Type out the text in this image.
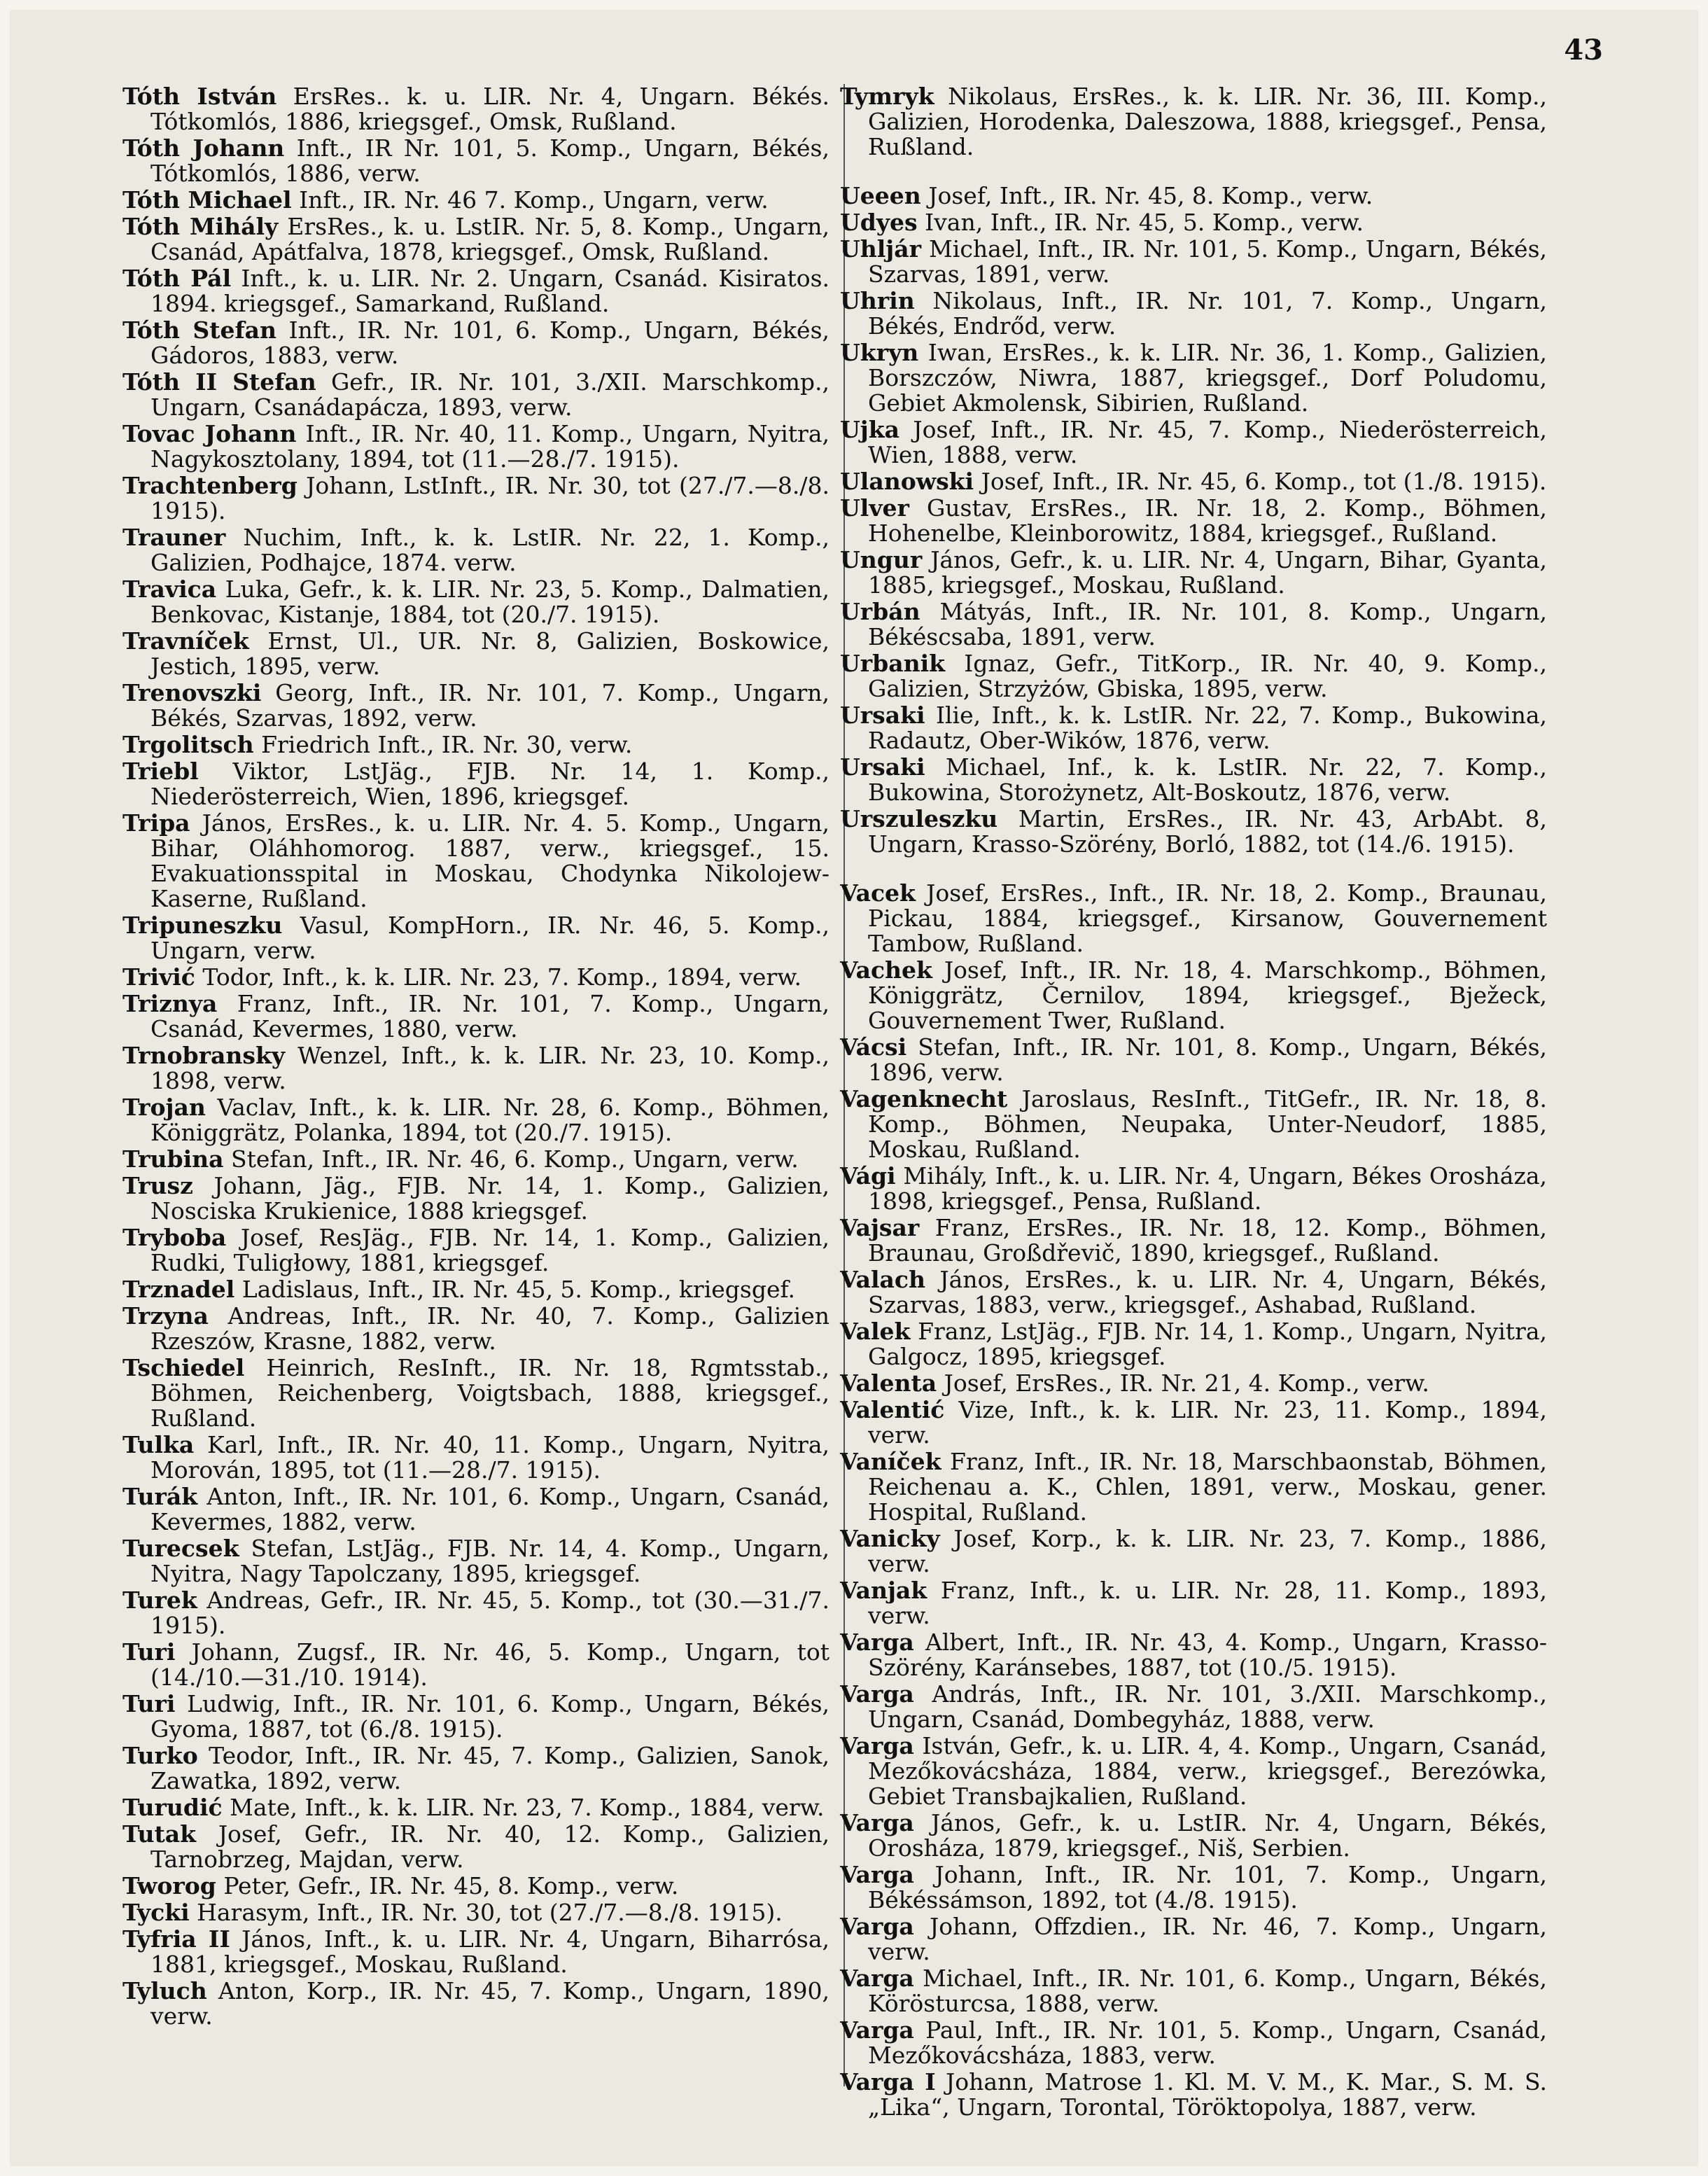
43

Tóth István ErsRes.. k. u. LIR. Nr. 4, Ungarn. Békés. Tótkomlós, 1886, kriegsgef., Omsk, Rußland.

Tóth Johann Inft., IR Nr. 101, 5. Komp., Ungarn, Békés, Tótkomlós, 1886, verw.

Tóth Michael Inft., IR. Nr. 46 7. Komp., Ungarn, verw.

Tóth Mihály ErsRes., k. u. LstIR. Nr. 5, 8. Komp., Ungarn, Csanád, Apátfalva, 1878, kriegsgef., Omsk, Rußland.

Tóth Pál Inft., k. u. LIR. Nr. 2. Ungarn, Csanád. Kisiratos. 1894. kriegsgef., Samarkand, Rußland.

Tóth Stefan Inft., IR. Nr. 101, 6. Komp., Ungarn, Békés, Gádoros, 1883, verw.

Tóth II Stefan Gefr., IR. Nr. 101, 3./XII. Marschkomp., Ungarn, Csanádapácza, 1893, verw.

Tovac Johann Inft., IR. Nr. 40, 11. Komp., Ungarn, Nyitra, Nagykosztolany, 1894, tot (11.—28./7. 1915).

Trachtenberg Johann, LstInft., IR. Nr. 30, tot (27./7.—8./8. 1915).

Trauner Nuchim, Inft., k. k. LstIR. Nr. 22, 1. Komp., Galizien, Podhajce, 1874. verw.

Travica Luka, Gefr., k. k. LIR. Nr. 23, 5. Komp., Dalmatien, Benkovac, Kistanje, 1884, tot (20./7. 1915).

Travníček Ernst, Ul., UR. Nr. 8, Galizien, Boskowice, Jestich, 1895, verw.

Trenovszki Georg, Inft., IR. Nr. 101, 7. Komp., Ungarn, Békés, Szarvas, 1892, verw.

Trgolitsch Friedrich Inft., IR. Nr. 30, verw.

Triebl Viktor, LstJäg., FJB. Nr. 14, 1. Komp., Niederösterreich, Wien, 1896, kriegsgef.

Tripa János, ErsRes., k. u. LIR. Nr. 4. 5. Komp., Ungarn, Bihar, Oláhhomorog. 1887, verw., kriegsgef., 15. Evakuationsspital in Moskau, Chodynka Nikolojew-Kaserne, Rußland.

Tripuneszku Vasul, KompHorn., IR. Nr. 46, 5. Komp., Ungarn, verw.

Trivić Todor, Inft., k. k. LIR. Nr. 23, 7. Komp., 1894, verw.

Triznya Franz, Inft., IR. Nr. 101, 7. Komp., Ungarn, Csanád, Kevermes, 1880, verw.

Trnobransky Wenzel, Inft., k. k. LIR. Nr. 23, 10. Komp., 1898, verw.

Trojan Vaclav, Inft., k. k. LIR. Nr. 28, 6. Komp., Böhmen, Königgrätz, Polanka, 1894, tot (20./7. 1915).

Trubina Stefan, Inft., IR. Nr. 46, 6. Komp., Ungarn, verw.

Trusz Johann, Jäg., FJB. Nr. 14, 1. Komp., Galizien, Nosciska Krukienice, 1888 kriegsgef.

Tryboba Josef, ResJäg., FJB. Nr. 14, 1. Komp., Galizien, Rudki, Tuligłowy, 1881, kriegsgef.

Trznadel Ladislaus, Inft., IR. Nr. 45, 5. Komp., kriegsgef.

Trzyna Andreas, Inft., IR. Nr. 40, 7. Komp., Galizien Rzeszów, Krasne, 1882, verw.

Tschiedel Heinrich, ResInft., IR. Nr. 18, Rgmtsstab., Böhmen, Reichenberg, Voigtsbach, 1888, kriegsgef., Rußland.

Tulka Karl, Inft., IR. Nr. 40, 11. Komp., Ungarn, Nyitra, Morován, 1895, tot (11.—28./7. 1915).

Turák Anton, Inft., IR. Nr. 101, 6. Komp., Ungarn, Csanád, Kevermes, 1882, verw.

Turecsek Stefan, LstJäg., FJB. Nr. 14, 4. Komp., Ungarn, Nyitra, Nagy Tapolczany, 1895, kriegsgef.

Turek Andreas, Gefr., IR. Nr. 45, 5. Komp., tot (30.—31./7. 1915).

Turi Johann, Zugsf., IR. Nr. 46, 5. Komp., Ungarn, tot (14./10.—31./10. 1914).

Turi Ludwig, Inft., IR. Nr. 101, 6. Komp., Ungarn, Békés, Gyoma, 1887, tot (6./8. 1915).

Turko Teodor, Inft., IR. Nr. 45, 7. Komp., Galizien, Sanok, Zawatka, 1892, verw.

Turudić Mate, Inft., k. k. LIR. Nr. 23, 7. Komp., 1884, verw.

Tutak Josef, Gefr., IR. Nr. 40, 12. Komp., Galizien, Tarnobrzeg, Majdan, verw.

Tworog Peter, Gefr., IR. Nr. 45, 8. Komp., verw.

Tycki Harasym, Inft., IR. Nr. 30, tot (27./7.—8./8. 1915).

Tyfria II János, Inft., k. u. LIR. Nr. 4, Ungarn, Biharrósa, 1881, kriegsgef., Moskau, Rußland.

Tyluch Anton, Korp., IR. Nr. 45, 7. Komp., Ungarn, 1890, verw.

Tymryk Nikolaus, ErsRes., k. k. LIR. Nr. 36, III. Komp., Galizien, Horodenka, Daleszowa, 1888, kriegsgef., Pensa, Rußland.

Ueeen Josef, Inft., IR. Nr. 45, 8. Komp., verw.

Udyes Ivan, Inft., IR. Nr. 45, 5. Komp., verw.

Uhljár Michael, Inft., IR. Nr. 101, 5. Komp., Ungarn, Békés, Szarvas, 1891, verw.

Uhrin Nikolaus, Inft., IR. Nr. 101, 7. Komp., Ungarn, Békés, Endrőd, verw.

Ukryn Iwan, ErsRes., k. k. LIR. Nr. 36, 1. Komp., Galizien, Borszczów, Niwra, 1887, kriegsgef., Dorf Poludomu, Gebiet Akmolensk, Sibirien, Rußland.

Ujka Josef, Inft., IR. Nr. 45, 7. Komp., Niederösterreich, Wien, 1888, verw.

Ulanowski Josef, Inft., IR. Nr. 45, 6. Komp., tot (1./8. 1915).

Ulver Gustav, ErsRes., IR. Nr. 18, 2. Komp., Böhmen, Hohenelbe, Kleinborowitz, 1884, kriegsgef., Rußland.

Ungur János, Gefr., k. u. LIR. Nr. 4, Ungarn, Bihar, Gyanta, 1885, kriegsgef., Moskau, Rußland.

Urbán Mátyás, Inft., IR. Nr. 101, 8. Komp., Ungarn, Békéscsaba, 1891, verw.

Urbanik Ignaz, Gefr., TitKorp., IR. Nr. 40, 9. Komp., Galizien, Strzyżów, Gbiska, 1895, verw.

Ursaki Ilie, Inft., k. k. LstIR. Nr. 22, 7. Komp., Bukowina, Radautz, Ober-Wików, 1876, verw.

Ursaki Michael, Inf., k. k. LstIR. Nr. 22, 7. Komp., Bukowina, Storożynetz, Alt-Boskoutz, 1876, verw.

Urszuleszku Martin, ErsRes., IR. Nr. 43, ArbAbt. 8, Ungarn, Krasso-Szörény, Borló, 1882, tot (14./6. 1915).

Vacek Josef, ErsRes., Inft., IR. Nr. 18, 2. Komp., Braunau, Pickau, 1884, kriegsgef., Kirsanow, Gouvernement Tambow, Rußland.

Vachek Josef, Inft., IR. Nr. 18, 4. Marschkomp., Böhmen, Königgrätz, Černilov, 1894, kriegsgef., Bježeck, Gouvernement Twer, Rußland.

Vácsi Stefan, Inft., IR. Nr. 101, 8. Komp., Ungarn, Békés, 1896, verw.

Vagenknecht Jaroslaus, ResInft., TitGefr., IR. Nr. 18, 8. Komp., Böhmen, Neupaka, Unter-Neudorf, 1885, Moskau, Rußland.

Vági Mihály, Inft., k. u. LIR. Nr. 4, Ungarn, Békes Orosháza, 1898, kriegsgef., Pensa, Rußland.

Vajsar Franz, ErsRes., IR. Nr. 18, 12. Komp., Böhmen, Braunau, Großdřevič, 1890, kriegsgef., Rußland.

Valach János, ErsRes., k. u. LIR. Nr. 4, Ungarn, Békés, Szarvas, 1883, verw., kriegsgef., Ashabad, Rußland.

Valek Franz, LstJäg., FJB. Nr. 14, 1. Komp., Ungarn, Nyitra, Galgocz, 1895, kriegsgef.

Valenta Josef, ErsRes., IR. Nr. 21, 4. Komp., verw.

Valentić Vize, Inft., k. k. LIR. Nr. 23, 11. Komp., 1894, verw.

Vaníček Franz, Inft., IR. Nr. 18, Marschbaonstab, Böhmen, Reichenau a. K., Chlen, 1891, verw., Moskau, gener. Hospital, Rußland.

Vanicky Josef, Korp., k. k. LIR. Nr. 23, 7. Komp., 1886, verw.

Vanjak Franz, Inft., k. u. LIR. Nr. 28, 11. Komp., 1893, verw.

Varga Albert, Inft., IR. Nr. 43, 4. Komp., Ungarn, Krasso-Szörény, Karánsebes, 1887, tot (10./5. 1915).

Varga András, Inft., IR. Nr. 101, 3./XII. Marschkomp., Ungarn, Csanád, Dombegyház, 1888, verw.

Varga István, Gefr., k. u. LIR. 4, 4. Komp., Ungarn, Csanád, Mezőkovácsháza, 1884, verw., kriegsgef., Berezówka, Gebiet Transbajkalien, Rußland.

Varga János, Gefr., k. u. LstIR. Nr. 4, Ungarn, Békés, Orosháza, 1879, kriegsgef., Niš, Serbien.

Varga Johann, Inft., IR. Nr. 101, 7. Komp., Ungarn, Békéssámson, 1892, tot (4./8. 1915).

Varga Johann, Offzdien., IR. Nr. 46, 7. Komp., Ungarn, verw.

Varga Michael, Inft., IR. Nr. 101, 6. Komp., Ungarn, Békés, Körösturcsa, 1888, verw.

Varga Paul, Inft., IR. Nr. 101, 5. Komp., Ungarn, Csanád, Mezőkovácsháza, 1883, verw.

Varga I Johann, Matrose 1. Kl. M. V. M., K. Mar., S. M. S. „Lika“, Ungarn, Torontal, Töröktopolya, 1887, verw.
